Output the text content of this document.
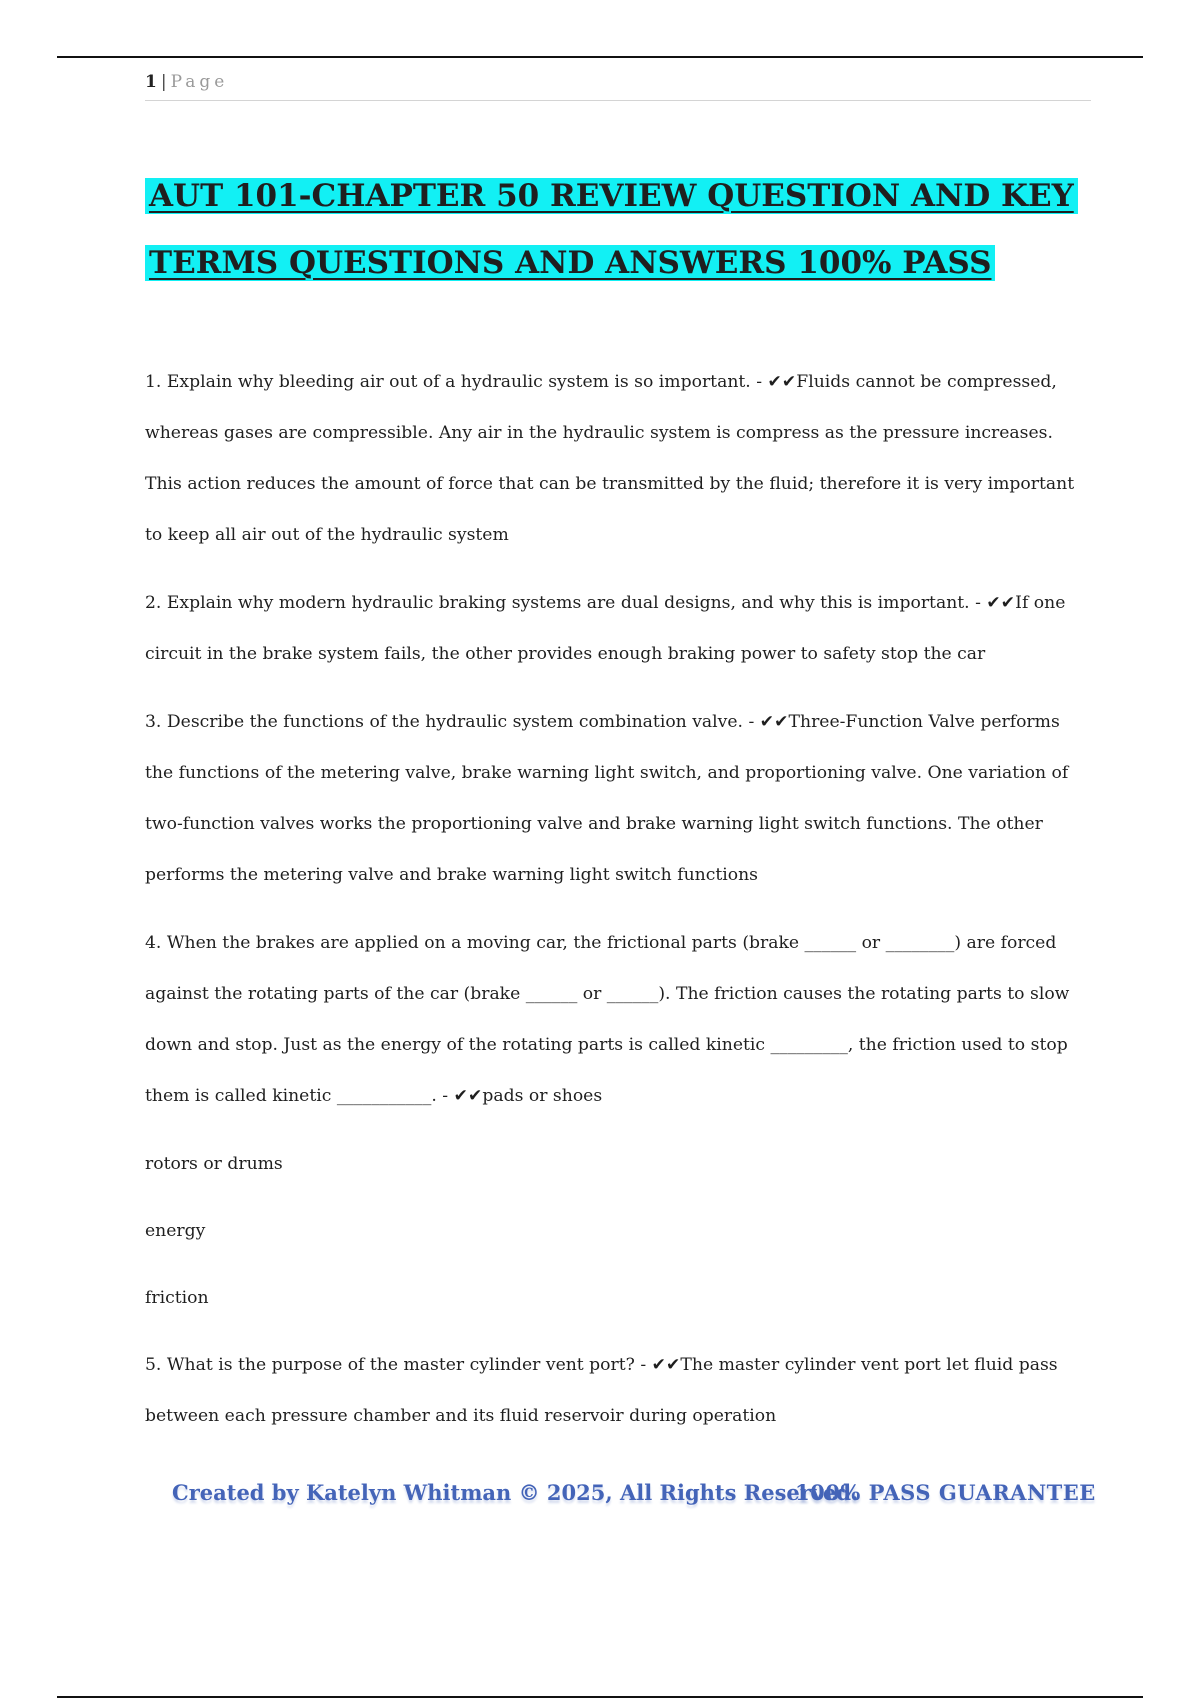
1 | Page
AUT 101-CHAPTER 50 REVIEW QUESTION AND KEY
TERMS QUESTIONS AND ANSWERS 100% PASS

1. Explain why bleeding air out of a hydraulic system is so important. - ✔✔Fluids cannot be compressed, whereas gases are compressible. Any air in the hydraulic system is compress as the pressure increases. This action reduces the amount of force that can be transmitted by the fluid; therefore it is very important to keep all air out of the hydraulic system

2. Explain why modern hydraulic braking systems are dual designs, and why this is important. - ✔✔If one circuit in the brake system fails, the other provides enough braking power to safety stop the car

3. Describe the functions of the hydraulic system combination valve. - ✔✔Three-Function Valve performs the functions of the metering valve, brake warning light switch, and proportioning valve. One variation of two-function valves works the proportioning valve and brake warning light switch functions. The other performs the metering valve and brake warning light switch functions

4. When the brakes are applied on a moving car, the frictional parts (brake ______ or ________) are forced against the rotating parts of the car (brake ______ or ______). The friction causes the rotating parts to slow down and stop. Just as the energy of the rotating parts is called kinetic _________, the friction used to stop them is called kinetic ___________. - ✔✔pads or shoes

rotors or drums

energy

friction

5. What is the purpose of the master cylinder vent port? - ✔✔The master cylinder vent port let fluid pass between each pressure chamber and its fluid reservoir during operation

Created by Katelyn Whitman © 2025, All Rights Reserved.
100% PASS GUARANTEE
